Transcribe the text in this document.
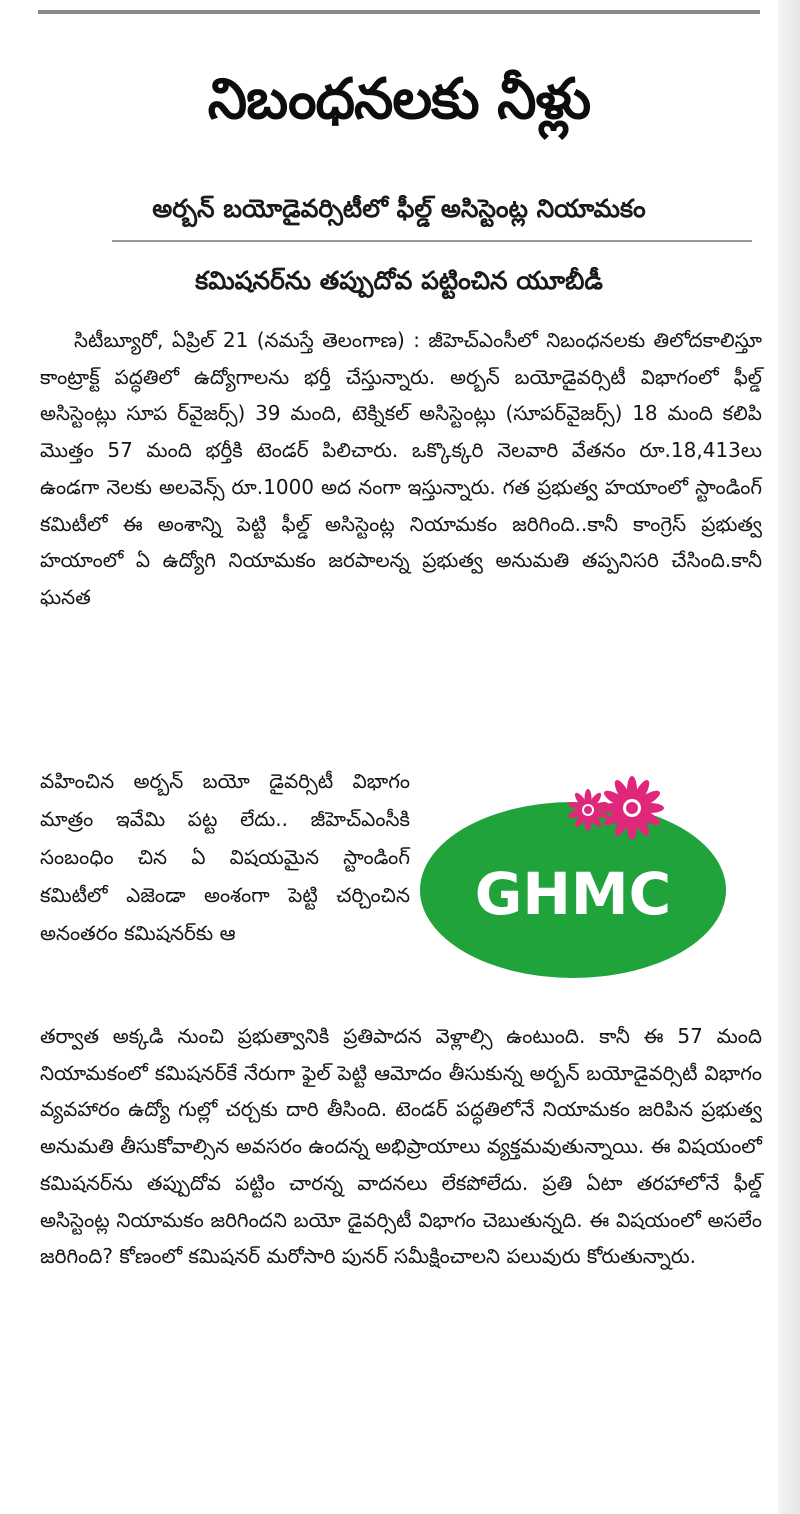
నిబంధనలకు నీళ్లు
అర్బన్ బయోడైవర్సిటీలో ఫీల్డ్ అసిస్టెంట్ల నియామకం
కమిషనర్‌ను తప్పుదోవ పట్టించిన యూబీడీ

సిటీబ్యూరో, ఏప్రిల్ 21 (నమస్తే తెలంగాణ) : జీహెచ్ఎంసీలో నిబంధనలకు తిలోదకాలిస్తూ కాంట్రాక్ట్ పద్ధతిలో ఉద్యోగాలను భర్తీ చేస్తున్నారు. అర్బన్ బయోడైవర్సిటీ విభాగంలో ఫీల్డ్ అసిస్టెంట్లు సూప ర్‌వైజర్స్) 39 మంది, టెక్నికల్ అసిస్టెంట్లు (సూపర్‌వైజర్స్) 18 మంది కలిపి మొత్తం 57 మంది భర్తీకి టెండర్ పిలిచారు. ఒక్కొక్కరి నెలవారి వేతనం రూ.18,413లు ఉండగా నెలకు అలవెన్స్ రూ.1000 అద నంగా ఇస్తున్నారు. గత ప్రభుత్వ హయాంలో స్టాండింగ్ కమిటీలో ఈ అంశాన్ని పెట్టి ఫీల్డ్ అసిస్టెంట్ల నియామకం జరిగింది..కానీ కాంగ్రెస్ ప్రభుత్వ హయాంలో ఏ ఉద్యోగి నియామకం జరపాలన్న ప్రభుత్వ అనుమతి తప్పనిసరి చేసింది.కానీ ఘనత

వహించిన అర్బన్ బయో డైవర్సిటీ విభాగం మాత్రం ఇవేమి పట్ట లేదు.. జీహెచ్ఎంసీకి సంబంధిం చిన ఏ విషయమైన స్టాండింగ్ కమిటీలో ఎజెండా అంశంగా పెట్టి చర్చించిన అనంతరం కమిషనర్‌కు ఆ

GHMC

తర్వాత అక్కడి నుంచి ప్రభుత్వానికి ప్రతిపాదన వెళ్లాల్సి ఉంటుంది. కానీ ఈ 57 మంది నియామకంలో కమిషనర్‌కే నేరుగా ఫైల్ పెట్టి ఆమోదం తీసుకున్న అర్బన్ బయోడైవర్సిటీ విభాగం వ్యవహారం ఉద్యో గుల్లో చర్చకు దారి తీసింది. టెండర్ పద్ధతిలోనే నియామకం జరిపిన ప్రభుత్వ అనుమతి తీసుకోవాల్సిన అవసరం ఉందన్న అభిప్రాయాలు వ్యక్తమవుతున్నాయి. ఈ విషయంలో కమిషనర్‌ను తప్పుదోవ పట్టిం చారన్న వాదనలు లేకపోలేదు. ప్రతి ఏటా తరహాలోనే ఫీల్డ్ అసిస్టెంట్ల నియామకం జరిగిందని బయో డైవర్సిటీ విభాగం చెబుతున్నది. ఈ విషయంలో అసలేం జరిగింది? కోణంలో కమిషనర్ మరోసారి పునర్ సమీక్షించాలని పలువురు కోరుతున్నారు.
